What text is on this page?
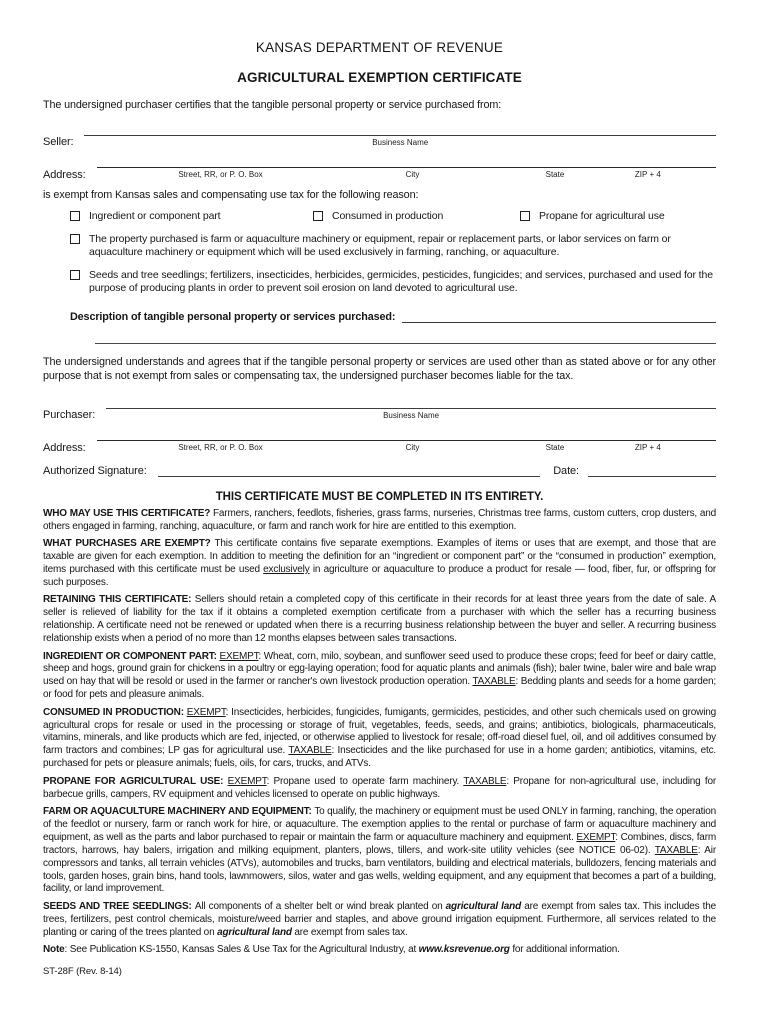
KANSAS DEPARTMENT OF REVENUE
AGRICULTURAL EXEMPTION CERTIFICATE

The undersigned purchaser certifies that the tangible personal property or service purchased from:

Seller:	Business Name
Address:	Street, RR, or P. O. Box	City	State	ZIP + 4

is exempt from Kansas sales and compensating use tax for the following reason:

Ingredient or component part	Consumed in production	Propane for agricultural use
The property purchased is farm or aquaculture machinery or equipment, repair or replacement parts, or labor services on farm or aquaculture machinery or equipment which will be used exclusively in farming, ranching, or aquaculture.
Seeds and tree seedlings; fertilizers, insecticides, herbicides, germicides, pesticides, fungicides; and services, purchased and used for the purpose of producing plants in order to prevent soil erosion on land devoted to agricultural use.
Description of tangible personal property or services purchased:

The undersigned understands and agrees that if the tangible personal property or services are used other than as stated above or for any other purpose that is not exempt from sales or compensating tax, the undersigned purchaser becomes liable for the tax.

Purchaser:	Business Name
Address:	Street, RR, or P. O. Box	City	State	ZIP + 4
Authorized Signature:	Date:
THIS CERTIFICATE MUST BE COMPLETED IN ITS ENTIRETY.

WHO MAY USE THIS CERTIFICATE? Farmers, ranchers, feedlots, fisheries, grass farms, nurseries, Christmas tree farms, custom cutters, crop dusters, and others engaged in farming, ranching, aquaculture, or farm and ranch work for hire are entitled to this exemption.

WHAT PURCHASES ARE EXEMPT? This certificate contains five separate exemptions. Examples of items or uses that are exempt, and those that are taxable are given for each exemption. In addition to meeting the definition for an “ingredient or component part” or the “consumed in production” exemption, items purchased with this certificate must be used exclusively in agriculture or aquaculture to produce a product for resale — food, fiber, fur, or offspring for such purposes.

RETAINING THIS CERTIFICATE: Sellers should retain a completed copy of this certificate in their records for at least three years from the date of sale. A seller is relieved of liability for the tax if it obtains a completed exemption certificate from a purchaser with which the seller has a recurring business relationship. A certificate need not be renewed or updated when there is a recurring business relationship between the buyer and seller. A recurring business relationship exists when a period of no more than 12 months elapses between sales transactions.

INGREDIENT OR COMPONENT PART: EXEMPT: Wheat, corn, milo, soybean, and sunflower seed used to produce these crops; feed for beef or dairy cattle, sheep and hogs, ground grain for chickens in a poultry or egg-laying operation; food for aquatic plants and animals (fish); baler twine, baler wire and bale wrap used on hay that will be resold or used in the farmer or rancher's own livestock production operation. TAXABLE: Bedding plants and seeds for a home garden; or food for pets and pleasure animals.

CONSUMED IN PRODUCTION: EXEMPT: Insecticides, herbicides, fungicides, fumigants, germicides, pesticides, and other such chemicals used on growing agricultural crops for resale or used in the processing or storage of fruit, vegetables, feeds, seeds, and grains; antibiotics, biologicals, pharmaceuticals, vitamins, minerals, and like products which are fed, injected, or otherwise applied to livestock for resale; off-road diesel fuel, oil, and oil additives consumed by farm tractors and combines; LP gas for agricultural use. TAXABLE: Insecticides and the like purchased for use in a home garden; antibiotics, vitamins, etc. purchased for pets or pleasure animals; fuels, oils, for cars, trucks, and ATVs.

PROPANE FOR AGRICULTURAL USE: EXEMPT: Propane used to operate farm machinery. TAXABLE: Propane for non-agricultural use, including for barbecue grills, campers, RV equipment and vehicles licensed to operate on public highways.

FARM OR AQUACULTURE MACHINERY AND EQUIPMENT: To qualify, the machinery or equipment must be used ONLY in farming, ranching, the operation of the feedlot or nursery, farm or ranch work for hire, or aquaculture. The exemption applies to the rental or purchase of farm or aquaculture machinery and equipment, as well as the parts and labor purchased to repair or maintain the farm or aquaculture machinery and equipment. EXEMPT: Combines, discs, farm tractors, harrows, hay balers, irrigation and milking equipment, planters, plows, tillers, and work-site utility vehicles (see NOTICE 06-02). TAXABLE: Air compressors and tanks, all terrain vehicles (ATVs), automobiles and trucks, barn ventilators, building and electrical materials, bulldozers, fencing materials and tools, garden hoses, grain bins, hand tools, lawnmowers, silos, water and gas wells, welding equipment, and any equipment that becomes a part of a building, facility, or land improvement.

SEEDS AND TREE SEEDLINGS: All components of a shelter belt or wind break planted on agricultural land are exempt from sales tax. This includes the trees, fertilizers, pest control chemicals, moisture/weed barrier and staples, and above ground irrigation equipment. Furthermore, all services related to the planting or caring of the trees planted on agricultural land are exempt from sales tax.

Note: See Publication KS-1550, Kansas Sales & Use Tax for the Agricultural Industry, at www.ksrevenue.org for additional information.

ST-28F (Rev. 8-14)
